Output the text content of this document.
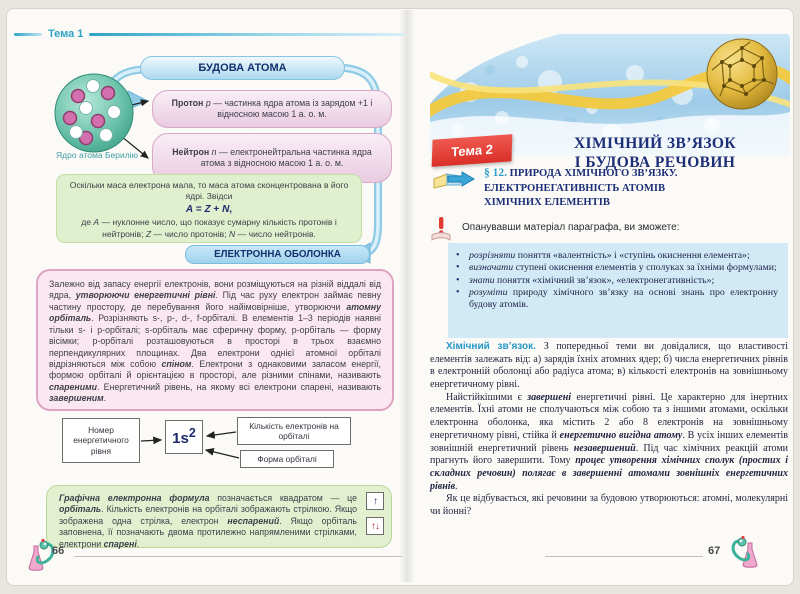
Тема 1
БУДОВА АТОМА
Ядро атома Берилію
Протон p — частинка ядра атома із зарядом +1 і відносною масою 1 а. о. м.
Нейтрон n — електронейтральна частинка ядра атома з відносною масою 1 а. о. м.
Оскільки маса електрона мала, то маса атома сконцентрована в його ядрі. Звідси
A = Z + N,
де A — нуклонне число, що показує сумарну кількість протонів і нейтронів; Z — число протонів; N — число нейтронів.
ЕЛЕКТРОННА ОБОЛОНКА
Залежно від запасу енергії електронів, вони розміщуються на різній віддалі від ядра, утворюючи енергетичні рівні. Під час руху електрон займає певну частину простору, де перебування його найімовірніше, утворюючи атомну орбіталь. Розрізняють s-, p-, d-, f-орбіталі. В елементів 1–3 періодів наявні тільки s- і p-орбіталі; s-орбіталь має сферичну форму, p-орбіталь — форму вісімки; p-орбіталі розташовуються в просторі в трьох взаємно перпендикулярних площинах. Два електрони однієї атомної орбіталі відрізняються між собою спіном. Електрони з однаковими запасом енергії, формою орбіталі й орієнтацією в просторі, але різними спінами, називають спареними. Енергетичний рівень, на якому всі електрони спарені, називають завершеним.
Номер енергетичного рівня
$1s^2$
Кількість електронів на орбіталі
Форма орбіталі
Графічна електронна формула позначається квадратом — це орбіталь. Кількість електронів на орбіталі зображають стрілкою. Якщо зображена одна стрілка, електрон неспарений. Якщо орбіталь заповнена, її позначають двома протилежно напрямленими стрілками, електрони спарені.
↑
↑↓
66
ХІМІЧНИЙ ЗВ’ЯЗОК
І БУДОВА РЕЧОВИН
Тема 2
§ 12. ПРИРОДА ХІМІЧНОГО ЗВ’ЯЗКУ.
ЕЛЕКТРОНЕГАТИВНІСТЬ АТОМІВ
ХІМІЧНИХ ЕЛЕМЕНТІВ
Опанувавши матеріал параграфа, ви зможете:
• розрізняти поняття «валентність» і «ступінь окиснення елемента»;
• визначати ступені окиснення елементів у сполуках за їхніми формулами;
• знати поняття «хімічний зв’язок», «електронегативність»;
• розуміти природу хімічного зв’язку на основі знань про електронну будову атомів.

Хімічний зв’язок. З попередньої теми ви довідалися, що властивості елементів залежать від: а) зарядів їхніх атомних ядер; б) числа енергетичних рівнів в електронній оболонці або радіуса атома; в) кількості електронів на зовнішньому енергетичному рівні.

Найстійкішими є завершені енергетичні рівні. Це характерно для інертних елементів. Їхні атоми не сполучаються між собою та з іншими атомами, оскільки електронна оболонка, яка містить 2 або 8 електронів на зовнішньому енергетичному рівні, стійка й енергетично вигідна атому. В усіх інших елементів зовнішній енергетичний рівень незавершений. Під час хімічних реакцій атоми прагнуть його завершити. Тому процес утворення хімічних сполук (простих і складних речовин) полягає в завершенні атомами зовнішніх енергетичних рівнів.

Як це відбувається, які речовини за будовою утворюються: атомні, молекулярні чи йонні?

67
